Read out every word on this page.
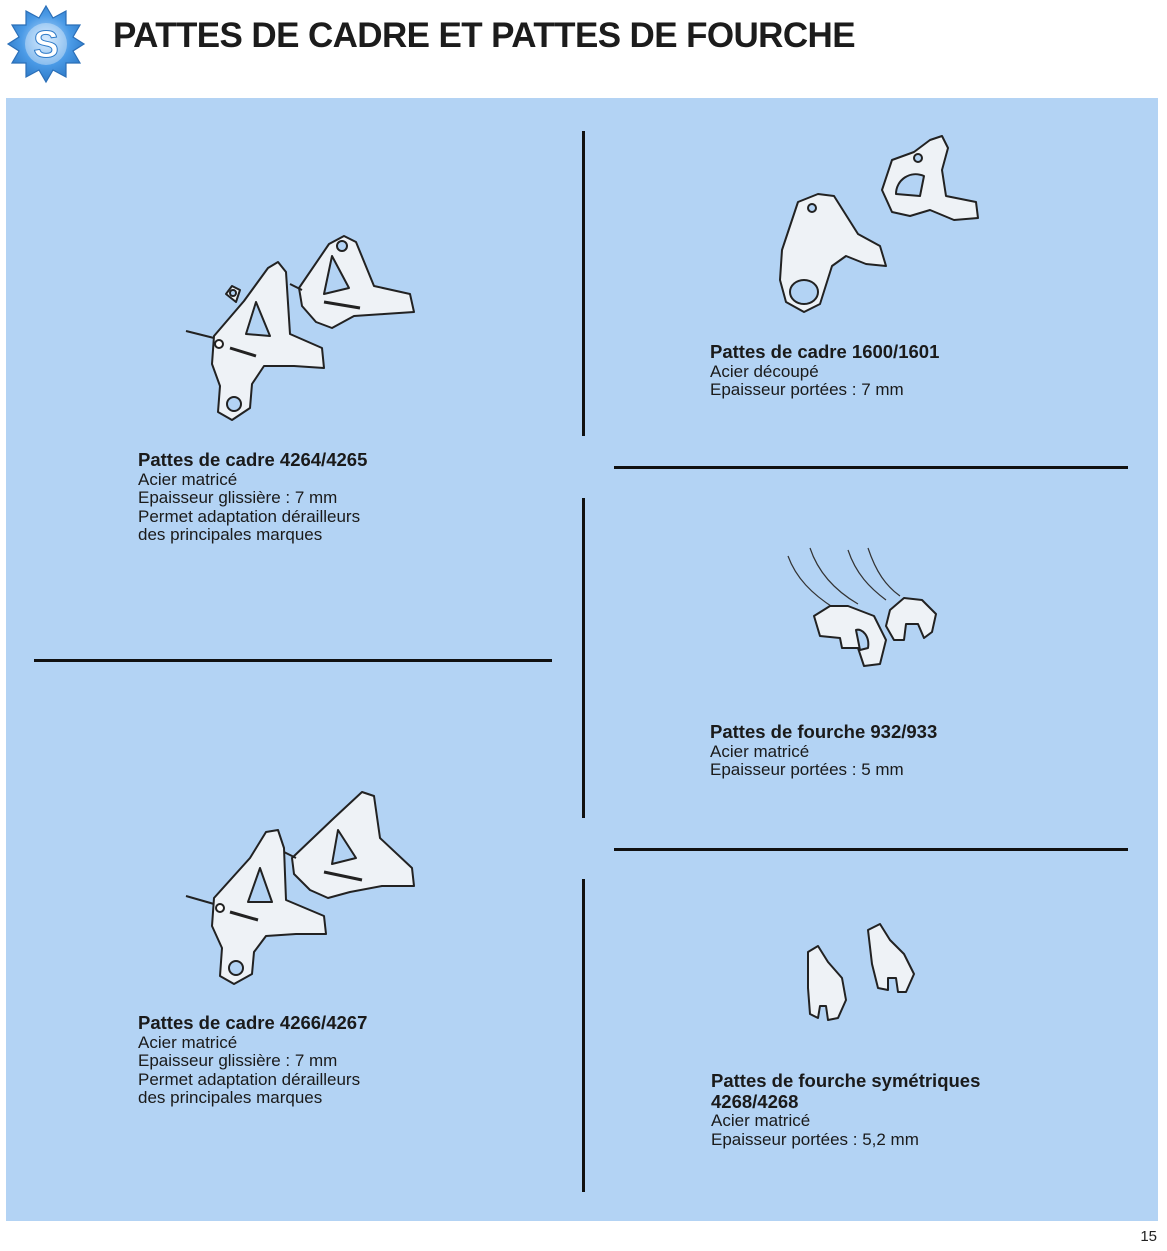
S PATTES DE CADRE ET PATTES DE FOURCHE
Pattes de cadre 4264/4265
Acier matricé
Epaisseur glissière : 7 mm
Permet adaptation dérailleurs
des principales marques
Pattes de cadre 4266/4267
Acier matricé
Epaisseur glissière : 7 mm
Permet adaptation dérailleurs
des principales marques
Pattes de cadre 1600/1601
Acier découpé
Epaisseur portées : 7 mm
Pattes de fourche 932/933
Acier matricé
Epaisseur portées : 5 mm
Pattes de fourche symétriques 4268/4268
Acier matricé
Epaisseur portées : 5,2 mm
15
